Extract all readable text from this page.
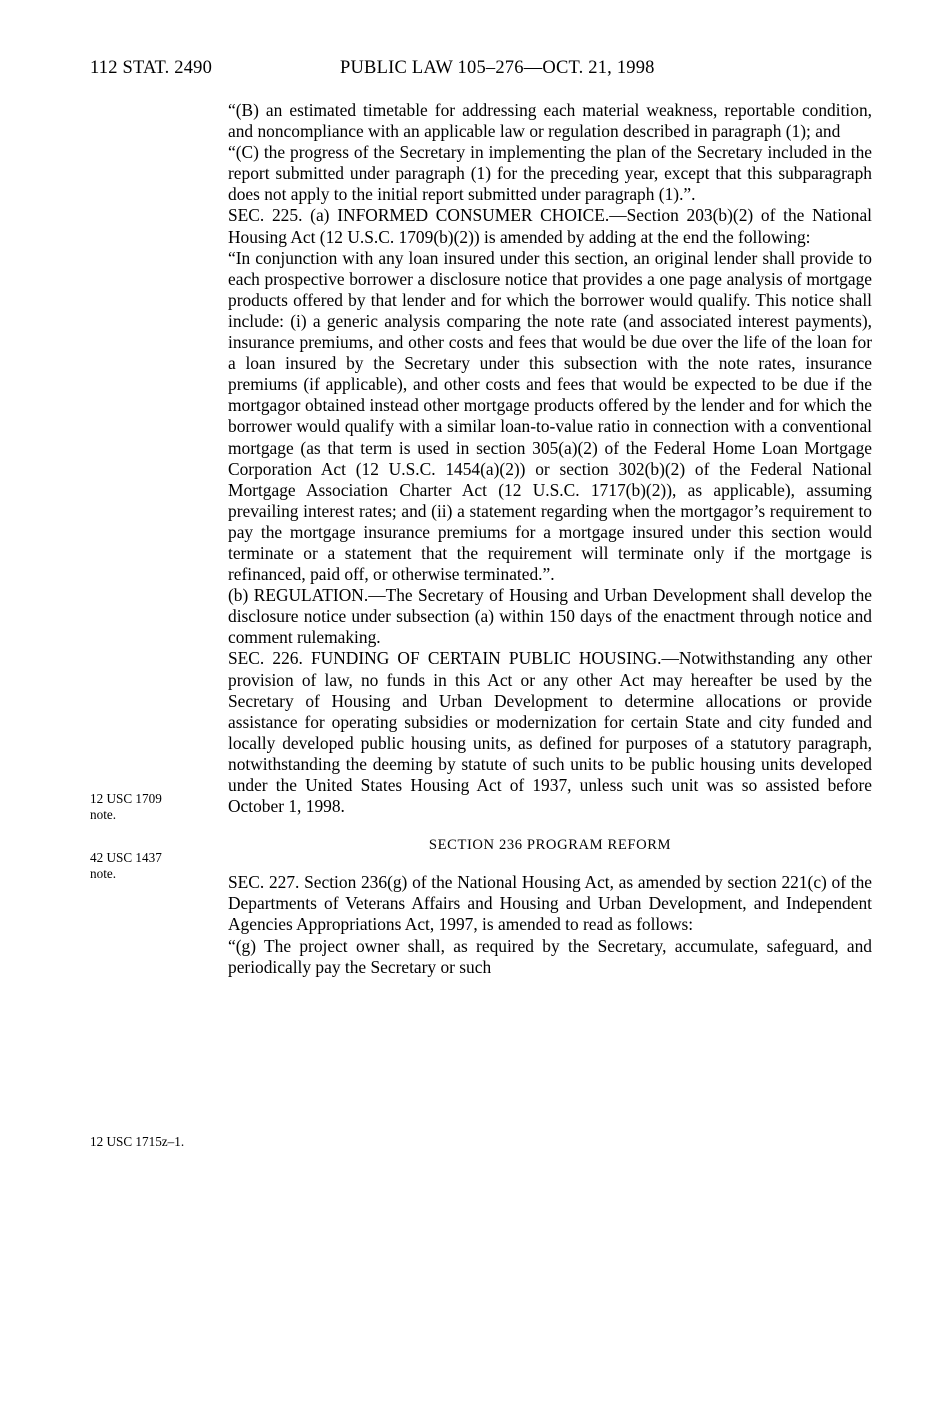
112 STAT. 2490	PUBLIC LAW 105–276—OCT. 21, 1998
12 USC 1709
note.
42 USC 1437
note.
12 USC 1715z–1.

“(B) an estimated timetable for addressing each material weakness, reportable condition, and noncompliance with an applicable law or regulation described in paragraph (1); and

“(C) the progress of the Secretary in implementing the plan of the Secretary included in the report submitted under paragraph (1) for the preceding year, except that this subparagraph does not apply to the initial report submitted under paragraph (1).”.

SEC. 225. (a) INFORMED CONSUMER CHOICE.—Section 203(b)(2) of the National Housing Act (12 U.S.C. 1709(b)(2)) is amended by adding at the end the following:

“In conjunction with any loan insured under this section, an original lender shall provide to each prospective borrower a disclosure notice that provides a one page analysis of mortgage products offered by that lender and for which the borrower would qualify. This notice shall include: (i) a generic analysis comparing the note rate (and associated interest payments), insurance premiums, and other costs and fees that would be due over the life of the loan for a loan insured by the Secretary under this subsection with the note rates, insurance premiums (if applicable), and other costs and fees that would be expected to be due if the mortgagor obtained instead other mortgage products offered by the lender and for which the borrower would qualify with a similar loan-to-value ratio in connection with a conventional mortgage (as that term is used in section 305(a)(2) of the Federal Home Loan Mortgage Corporation Act (12 U.S.C. 1454(a)(2)) or section 302(b)(2) of the Federal National Mortgage Association Charter Act (12 U.S.C. 1717(b)(2)), as applicable), assuming prevailing interest rates; and (ii) a statement regarding when the mortgagor’s requirement to pay the mortgage insurance premiums for a mortgage insured under this section would terminate or a statement that the requirement will terminate only if the mortgage is refinanced, paid off, or otherwise terminated.”.

(b) REGULATION.—The Secretary of Housing and Urban Development shall develop the disclosure notice under subsection (a) within 150 days of the enactment through notice and comment rulemaking.

SEC. 226. FUNDING OF CERTAIN PUBLIC HOUSING.—Notwithstanding any other provision of law, no funds in this Act or any other Act may hereafter be used by the Secretary of Housing and Urban Development to determine allocations or provide assistance for operating subsidies or modernization for certain State and city funded and locally developed public housing units, as defined for purposes of a statutory paragraph, notwithstanding the deeming by statute of such units to be public housing units developed under the United States Housing Act of 1937, unless such unit was so assisted before October 1, 1998.

SECTION 236 PROGRAM REFORM

SEC. 227. Section 236(g) of the National Housing Act, as amended by section 221(c) of the Departments of Veterans Affairs and Housing and Urban Development, and Independent Agencies Appropriations Act, 1997, is amended to read as follows:

“(g) The project owner shall, as required by the Secretary, accumulate, safeguard, and periodically pay the Secretary or such
